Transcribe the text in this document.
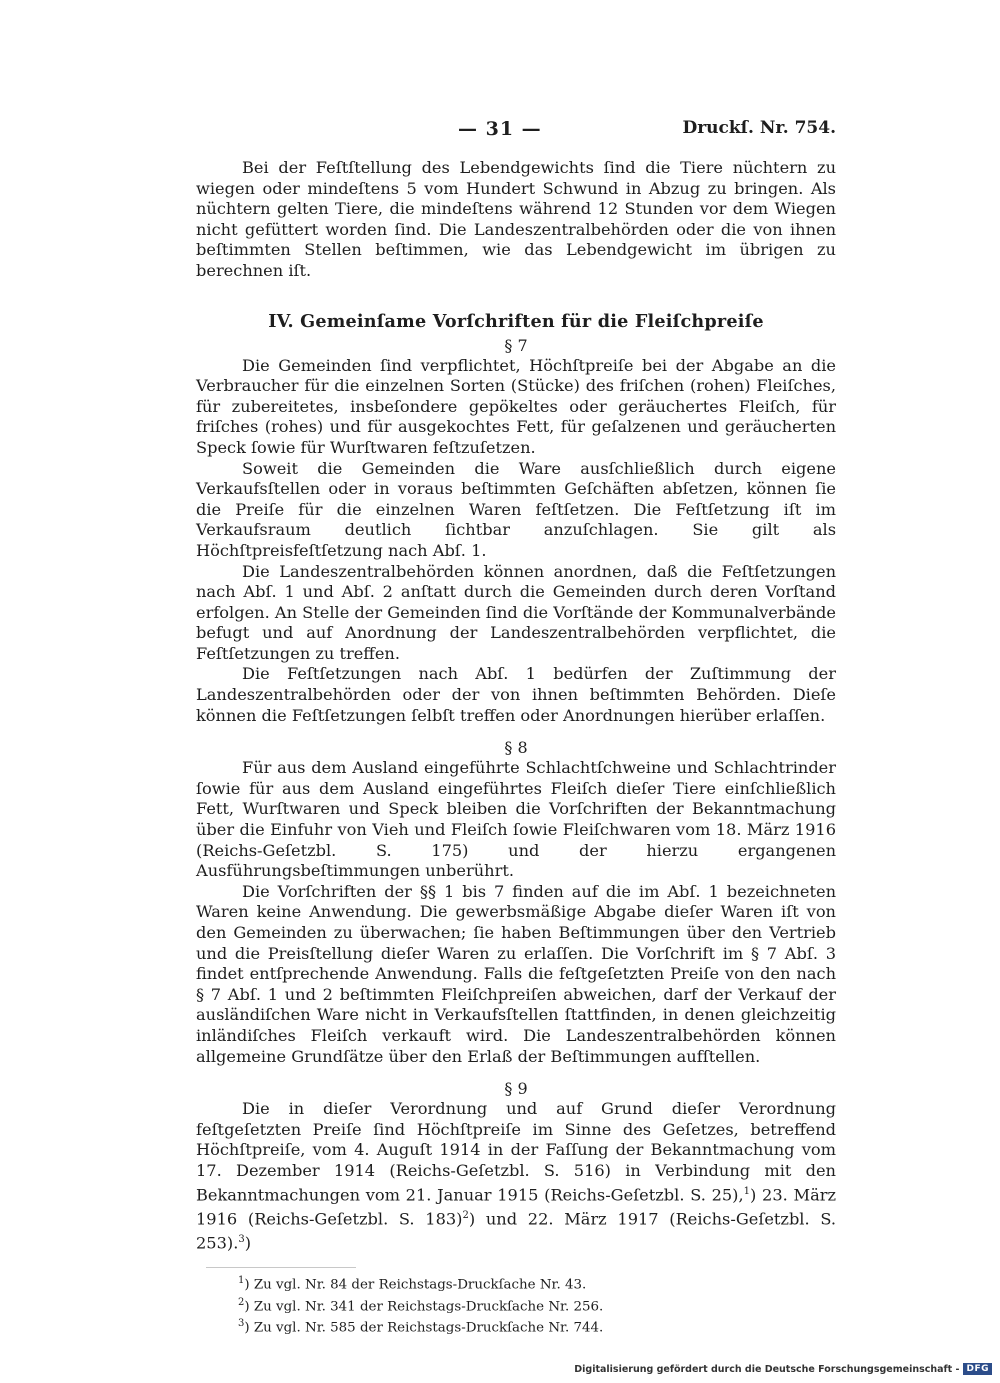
— 31 —	Druckſ. Nr. 754.

Bei der Feſtſtellung des Lebendgewichts ſind die Tiere nüchtern zu wiegen oder mindeſtens 5 vom Hundert Schwund in Abzug zu bringen. Als nüchtern gelten Tiere, die mindeſtens während 12 Stunden vor dem Wiegen nicht gefüttert worden ſind. Die Landeszentralbehörden oder die von ihnen beſtimmten Stellen beſtimmen, wie das Lebendgewicht im übrigen zu berechnen iſt.

IV. Gemeinſame Vorſchriften für die Fleiſchpreiſe

§ 7

Die Gemeinden ſind verpflichtet, Höchſtpreiſe bei der Abgabe an die Verbraucher für die einzelnen Sorten (Stücke) des friſchen (rohen) Fleiſches, für zubereitetes, insbeſondere gepökeltes oder geräuchertes Fleiſch, für friſches (rohes) und für ausgekochtes Fett, für geſalzenen und geräucherten Speck ſowie für Wurſtwaren feſtzuſetzen.

Soweit die Gemeinden die Ware ausſchließlich durch eigene Verkaufsſtellen oder in voraus beſtimmten Geſchäften abſetzen, können ſie die Preiſe für die einzelnen Waren feſtſetzen. Die Feſtſetzung iſt im Verkaufsraum deutlich ſichtbar anzuſchlagen. Sie gilt als Höchſtpreisfeſtſetzung nach Abſ. 1.

Die Landeszentralbehörden können anordnen, daß die Feſtſetzungen nach Abſ. 1 und Abſ. 2 anſtatt durch die Gemeinden durch deren Vorſtand erfolgen. An Stelle der Gemeinden ſind die Vorſtände der Kommunalverbände befugt und auf Anordnung der Landeszentralbehörden verpflichtet, die Feſtſetzungen zu treffen.

Die Feſtſetzungen nach Abſ. 1 bedürfen der Zuſtimmung der Landeszentralbehörden oder der von ihnen beſtimmten Behörden. Dieſe können die Feſtſetzungen ſelbſt treffen oder Anordnungen hierüber erlaſſen.

§ 8

Für aus dem Ausland eingeführte Schlachtſchweine und Schlachtrinder ſowie für aus dem Ausland eingeführtes Fleiſch dieſer Tiere einſchließlich Fett, Wurſtwaren und Speck bleiben die Vorſchriften der Bekanntmachung über die Einfuhr von Vieh und Fleiſch ſowie Fleiſchwaren vom 18. März 1916 (Reichs-Geſetzbl. S. 175) und der hierzu ergangenen Ausführungsbeſtimmungen unberührt.

Die Vorſchriften der §§ 1 bis 7 finden auf die im Abſ. 1 bezeichneten Waren keine Anwendung. Die gewerbsmäßige Abgabe dieſer Waren iſt von den Gemeinden zu überwachen; ſie haben Beſtimmungen über den Vertrieb und die Preisſtellung dieſer Waren zu erlaſſen. Die Vorſchrift im § 7 Abſ. 3 findet entſprechende Anwendung. Falls die feſtgeſetzten Preiſe von den nach § 7 Abſ. 1 und 2 beſtimmten Fleiſchpreiſen abweichen, darf der Verkauf der ausländiſchen Ware nicht in Verkaufsſtellen ſtattfinden, in denen gleichzeitig inländiſches Fleiſch verkauft wird. Die Landeszentralbehörden können allgemeine Grundſätze über den Erlaß der Beſtimmungen aufſtellen.

§ 9

Die in dieſer Verordnung und auf Grund dieſer Verordnung feſtgeſetzten Preiſe ſind Höchſtpreiſe im Sinne des Geſetzes, betreffend Höchſtpreiſe, vom 4. Auguſt 1914 in der Faſſung der Bekanntmachung vom 17. Dezember 1914 (Reichs-Geſetzbl. S. 516) in Verbindung mit den Bekanntmachungen vom 21. Januar 1915 (Reichs-Geſetzbl. S. 25),$^1$) 23. März 1916 (Reichs-Geſetzbl. S. 183)$^2$) und 22. März 1917 (Reichs-Geſetzbl. S. 253).$^3$)

$^1$) Zu vgl. Nr. 84 der Reichstags-Druckſache Nr. 43.

$^2$) Zu vgl. Nr. 341 der Reichstags-Druckſache Nr. 256.

$^3$) Zu vgl. Nr. 585 der Reichstags-Druckſache Nr. 744.

Digitalisierung gefördert durch die Deutsche Forschungsgemeinschaft - DFG
